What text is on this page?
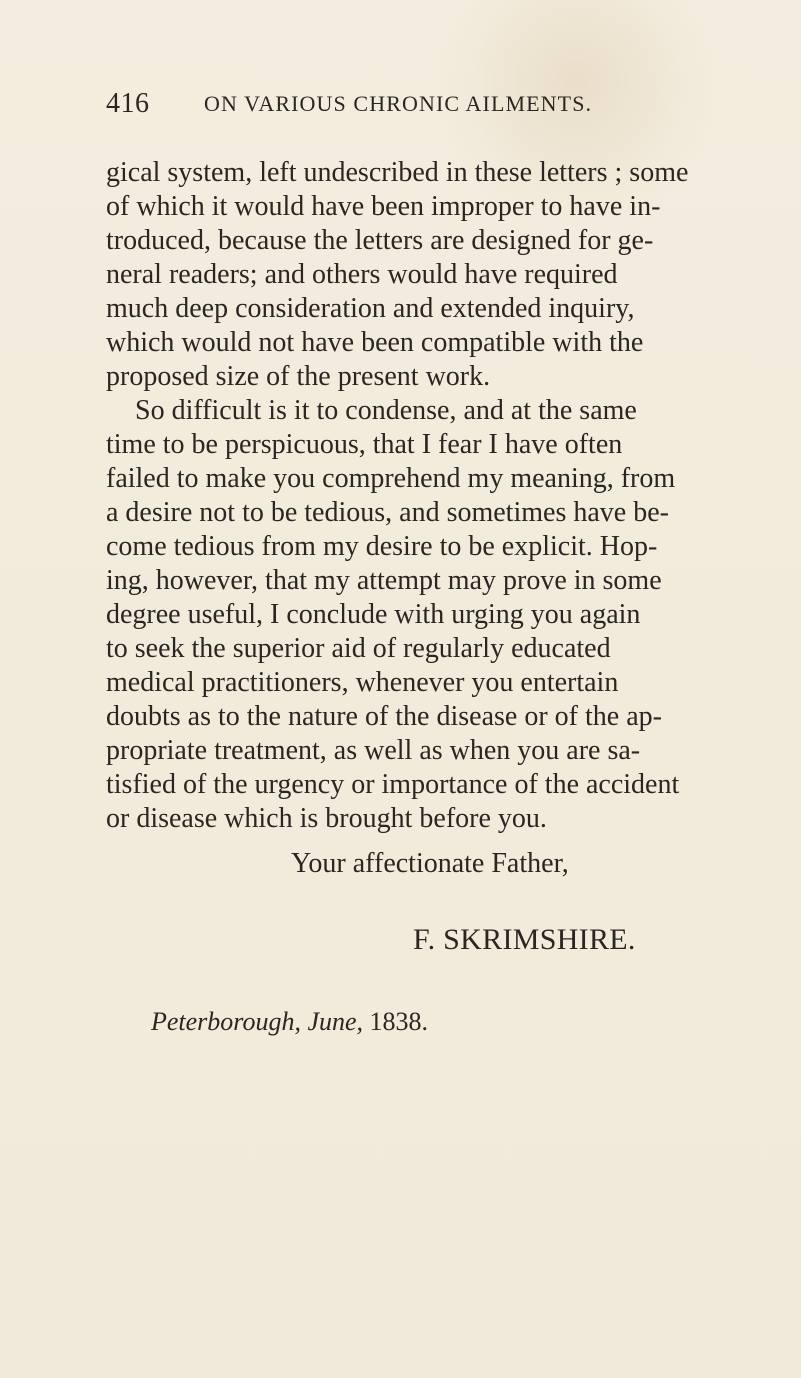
416 ON VARIOUS CHRONIC AILMENTS.
gical system, left undescribed in these letters ; some
of which it would have been improper to have in-
troduced, because the letters are designed for ge-
neral readers; and others would have required
much deep consideration and extended inquiry,
which would not have been compatible with the
proposed size of the present work.
So difficult is it to condense, and at the same
time to be perspicuous, that I fear I have often
failed to make you comprehend my meaning, from
a desire not to be tedious, and sometimes have be-
come tedious from my desire to be explicit. Hop-
ing, however, that my attempt may prove in some
degree useful, I conclude with urging you again
to seek the superior aid of regularly educated
medical practitioners, whenever you entertain
doubts as to the nature of the disease or of the ap-
propriate treatment, as well as when you are sa-
tisfied of the urgency or importance of the accident
or disease which is brought before you.
Your affectionate Father,
F. SKRIMSHIRE.
Peterborough, June, 1838.
